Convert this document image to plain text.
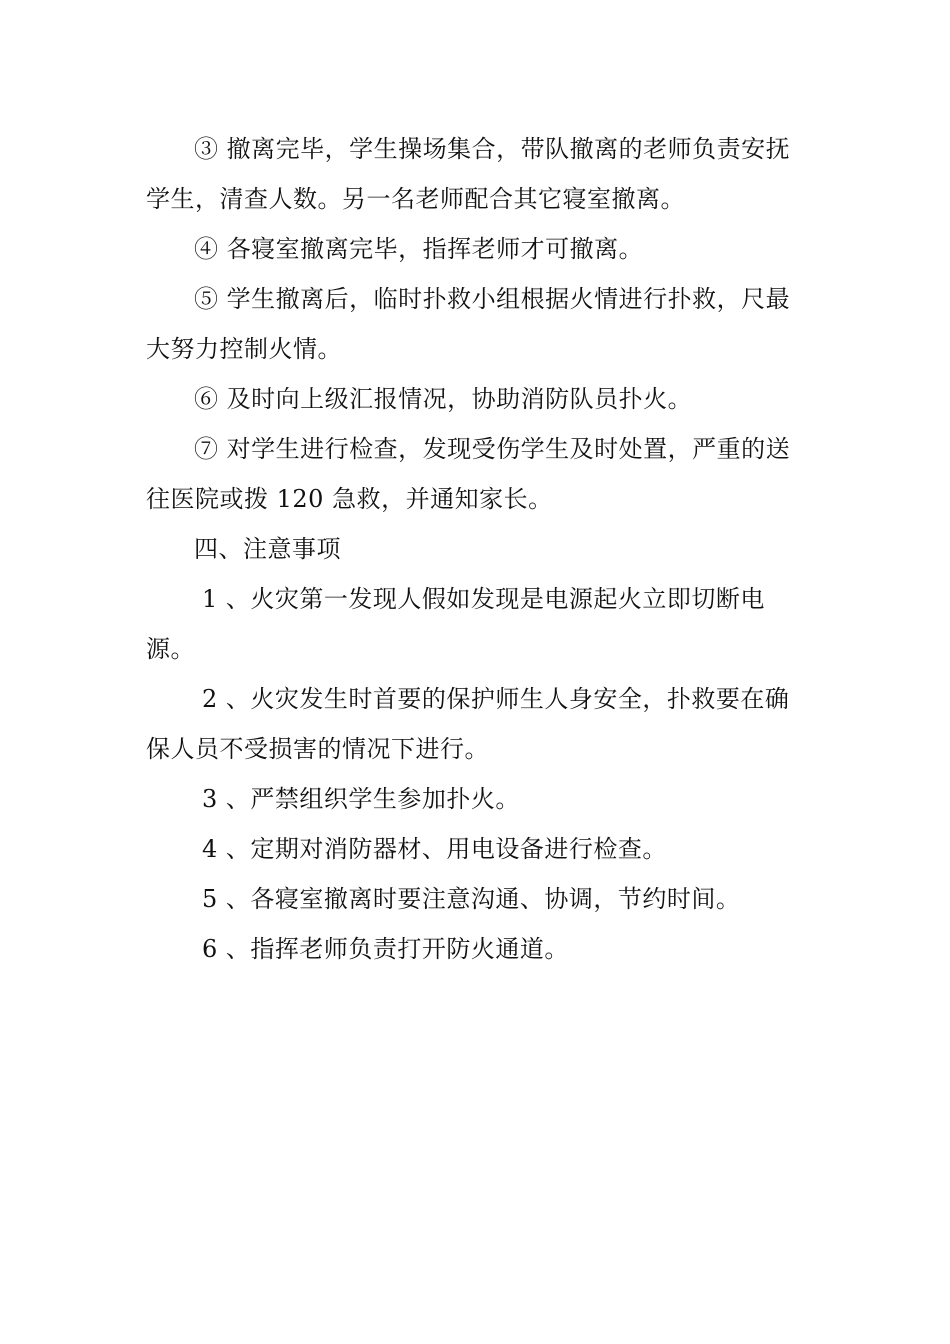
③ 撤离完毕，学生操场集合，带队撤离的老师负责安抚学生，清查人数。另一名老师配合其它寝室撤离。

④ 各寝室撤离完毕，指挥老师才可撤离。

⑤ 学生撤离后，临时扑救小组根据火情进行扑救，尺最大努力控制火情。

⑥ 及时向上级汇报情况，协助消防队员扑火。

⑦ 对学生进行检查，发现受伤学生及时处置，严重的送往医院或拨 120 急救，并通知家长。

四、注意事项

1 、火灾第一发现人假如发现是电源起火立即切断电源。

2 、火灾发生时首要的保护师生人身安全，扑救要在确保人员不受损害的情况下进行。

3 、严禁组织学生参加扑火。

4 、定期对消防器材、用电设备进行检查。

5 、各寝室撤离时要注意沟通、协调，节约时间。

6 、指挥老师负责打开防火通道。
